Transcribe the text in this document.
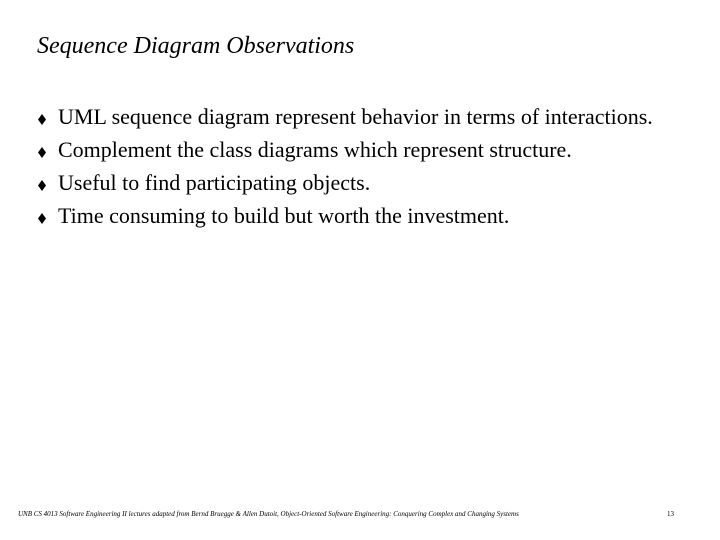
Sequence Diagram Observations
UML sequence diagram represent behavior in terms of interactions.
Complement the class diagrams which represent structure.
Useful to find participating objects.
Time consuming to build but worth the investment.
UNB CS 4013 Software Engineering II lectures adapted from Bernd Bruegge & Allen Dutoit, Object-Oriented Software Engineering: Conquering Complex and Changing Systems	13
